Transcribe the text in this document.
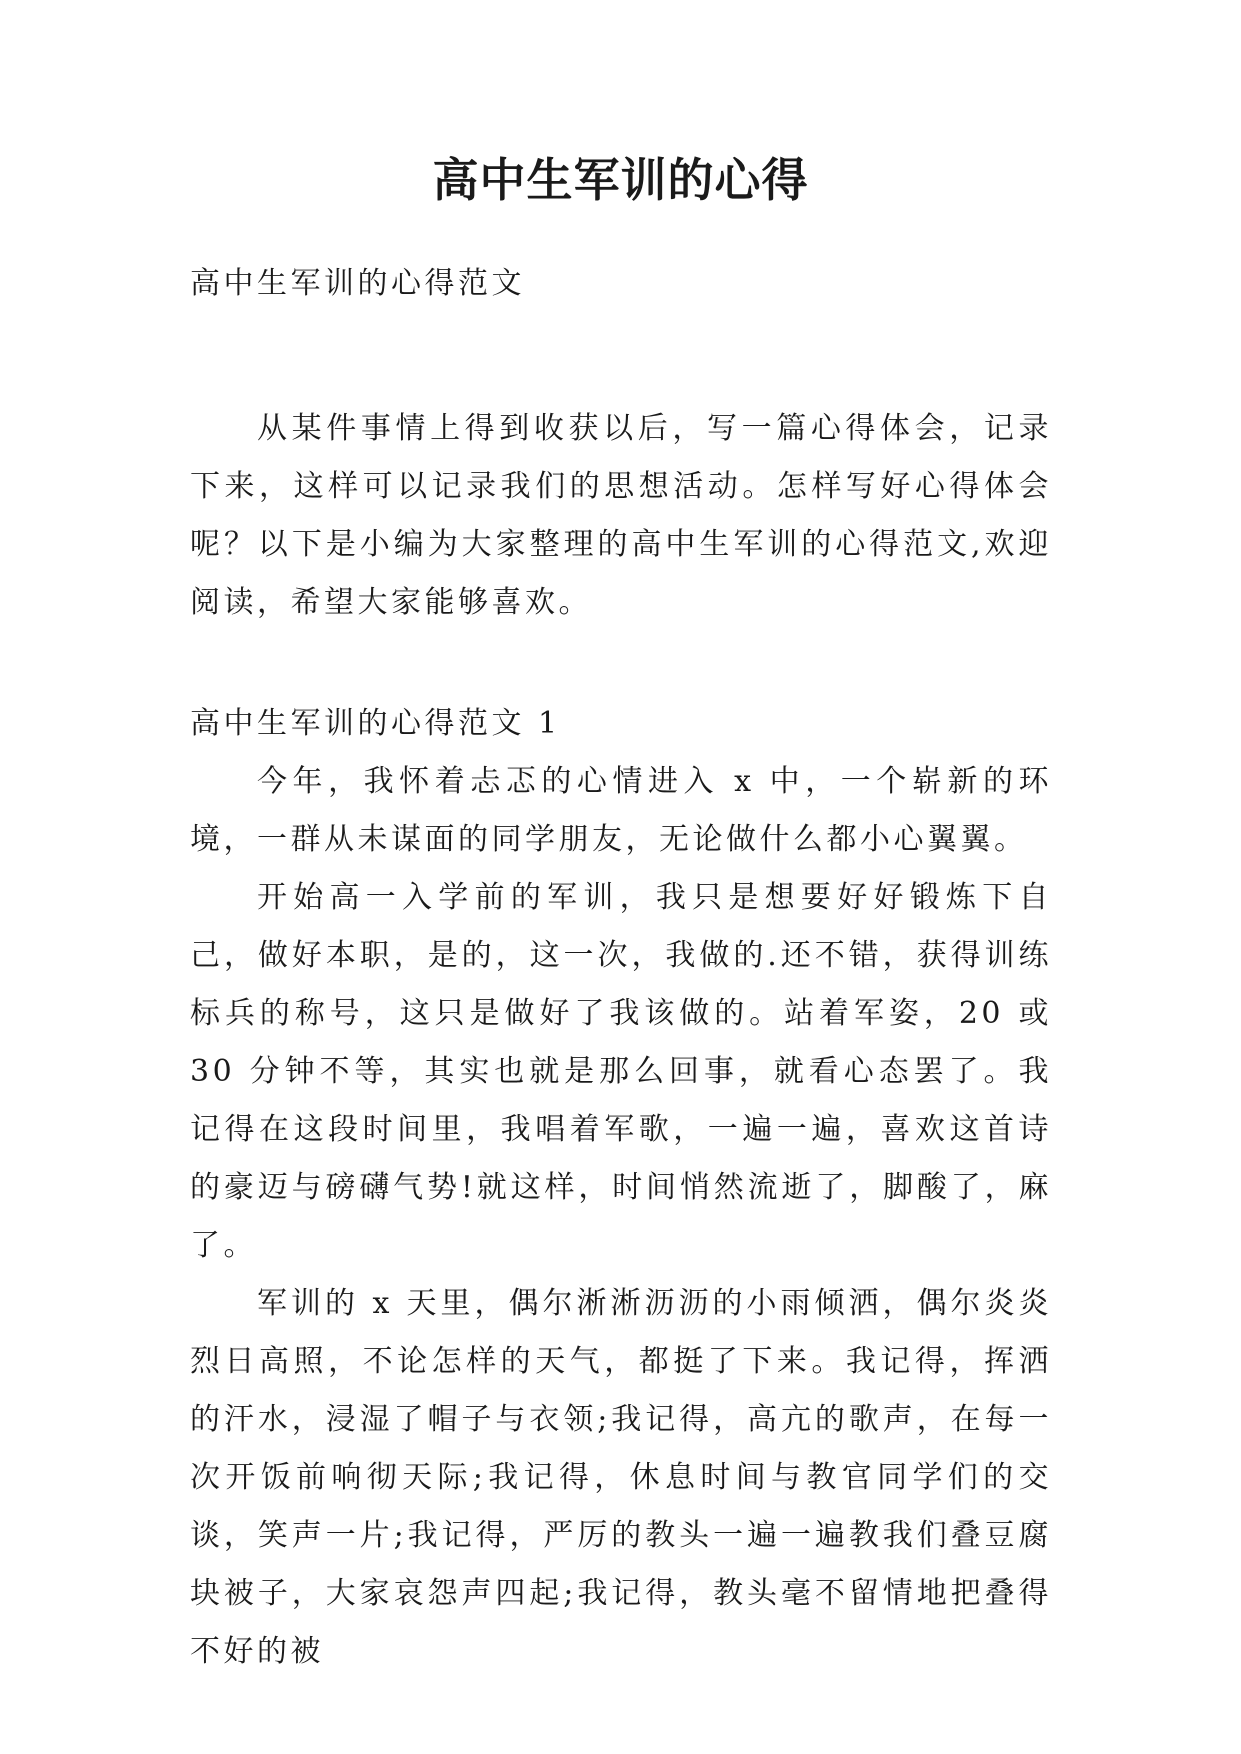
高中生军训的心得

高中生军训的心得范文

从某件事情上得到收获以后，写一篇心得体会，记录下来，这样可以记录我们的思想活动。怎样写好心得体会呢？以下是小编为大家整理的高中生军训的心得范文,欢迎阅读，希望大家能够喜欢。

高中生军训的心得范文 1

今年，我怀着忐忑的心情进入 x 中，一个崭新的环境，一群从未谋面的同学朋友，无论做什么都小心翼翼。

开始高一入学前的军训，我只是想要好好锻炼下自己，做好本职，是的，这一次，我做的.还不错，获得训练标兵的称号，这只是做好了我该做的。站着军姿，20 或 30 分钟不等，其实也就是那么回事，就看心态罢了。我记得在这段时间里，我唱着军歌，一遍一遍，喜欢这首诗的豪迈与磅礴气势!就这样，时间悄然流逝了，脚酸了，麻了。

军训的 x 天里，偶尔淅淅沥沥的小雨倾洒，偶尔炎炎烈日高照，不论怎样的天气，都挺了下来。我记得，挥洒的汗水，浸湿了帽子与衣领;我记得，高亢的歌声，在每一次开饭前响彻天际;我记得，休息时间与教官同学们的交谈，笑声一片;我记得，严厉的教头一遍一遍教我们叠豆腐块被子，大家哀怨声四起;我记得，教头毫不留情地把叠得不好的被
